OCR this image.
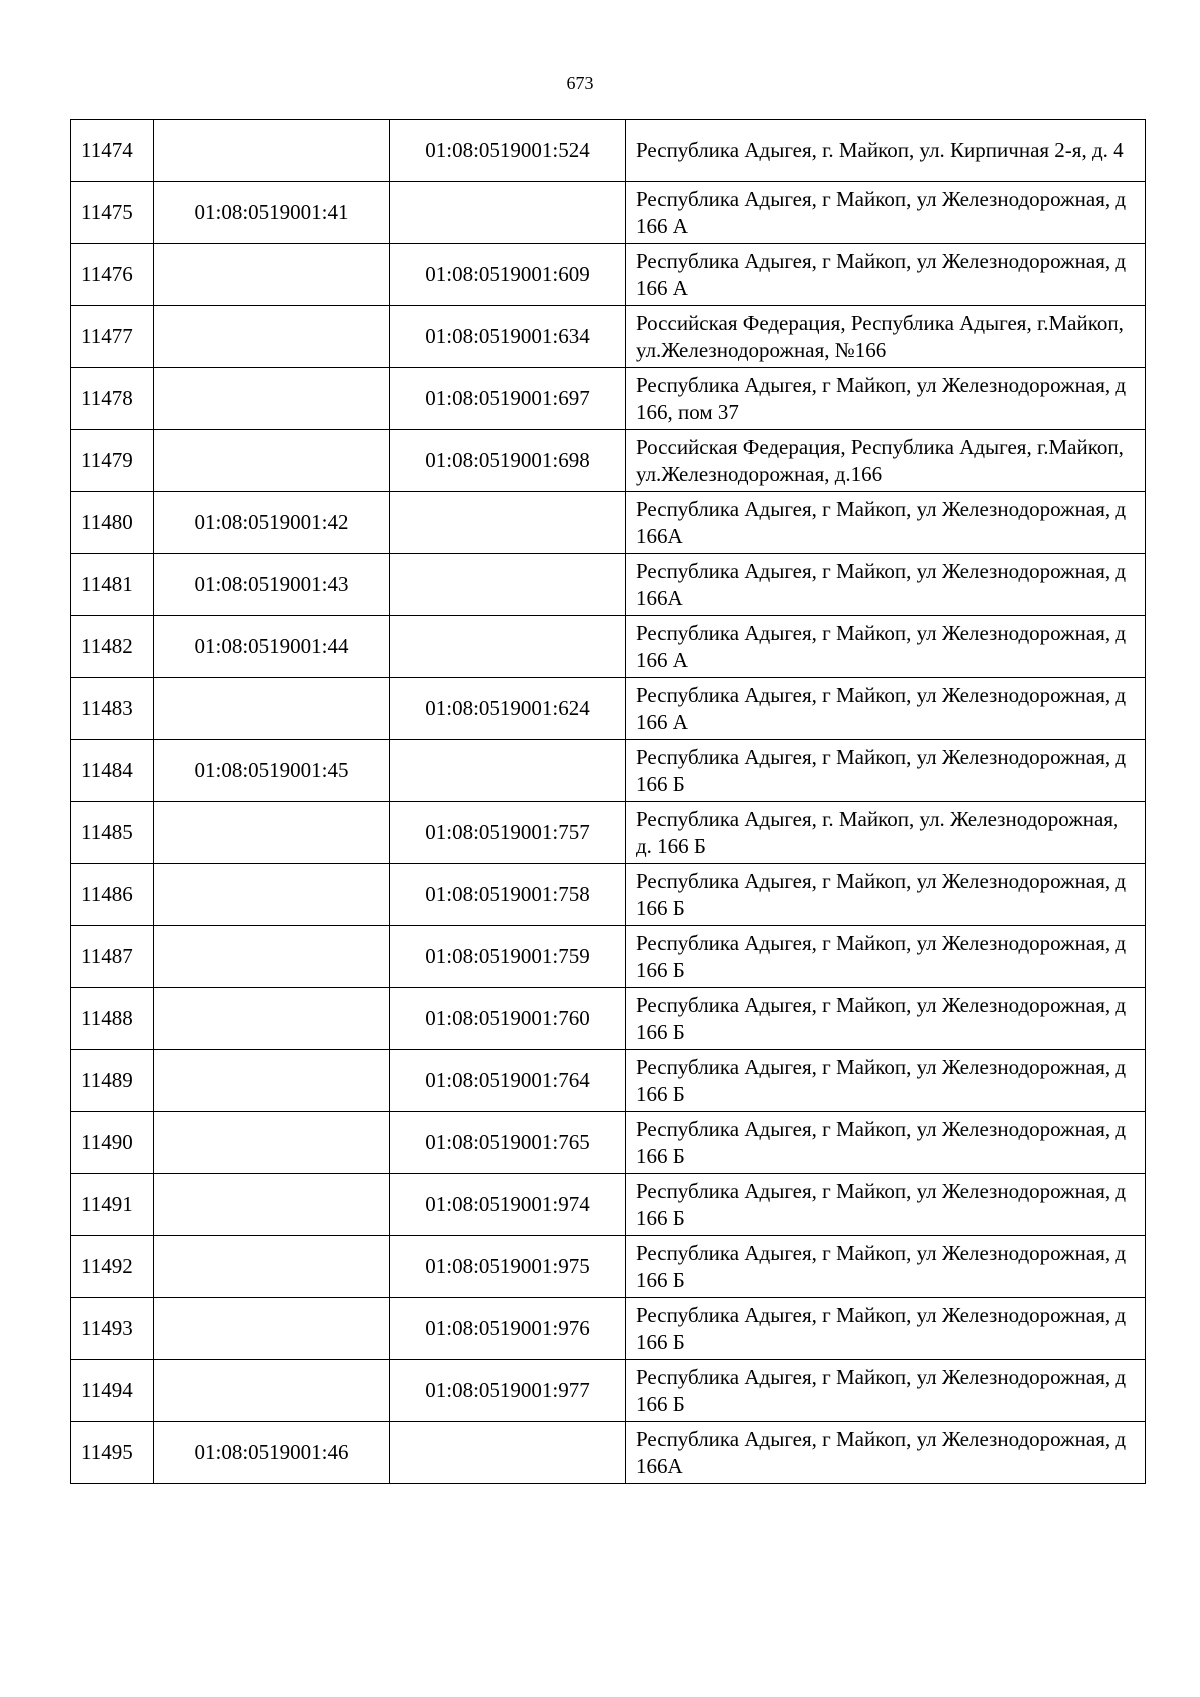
673
11474		01:08:0519001:524	Республика Адыгея, г. Майкоп, ул. Кирпичная 2-я, д. 4
11475	01:08:0519001:41		Республика Адыгея, г Майкоп, ул Железнодорожная, д 166 А
11476		01:08:0519001:609	Республика Адыгея, г Майкоп, ул Железнодорожная, д 166 А
11477		01:08:0519001:634	Российская Федерация, Республика Адыгея, г.Майкоп, ул.Железнодорожная, №166
11478		01:08:0519001:697	Республика Адыгея, г Майкоп, ул Железнодорожная, д 166, пом 37
11479		01:08:0519001:698	Российская Федерация, Республика Адыгея, г.Майкоп, ул.Железнодорожная, д.166
11480	01:08:0519001:42		Республика Адыгея, г Майкоп, ул Железнодорожная, д 166А
11481	01:08:0519001:43		Республика Адыгея, г Майкоп, ул Железнодорожная, д 166А
11482	01:08:0519001:44		Республика Адыгея, г Майкоп, ул Железнодорожная, д 166 А
11483		01:08:0519001:624	Республика Адыгея, г Майкоп, ул Железнодорожная, д 166 А
11484	01:08:0519001:45		Республика Адыгея, г Майкоп, ул Железнодорожная, д 166 Б
11485		01:08:0519001:757	Республика Адыгея, г. Майкоп, ул. Железнодорожная, д. 166 Б
11486		01:08:0519001:758	Республика Адыгея, г Майкоп, ул Железнодорожная, д 166 Б
11487		01:08:0519001:759	Республика Адыгея, г Майкоп, ул Железнодорожная, д 166 Б
11488		01:08:0519001:760	Республика Адыгея, г Майкоп, ул Железнодорожная, д 166 Б
11489		01:08:0519001:764	Республика Адыгея, г Майкоп, ул Железнодорожная, д 166 Б
11490		01:08:0519001:765	Республика Адыгея, г Майкоп, ул Железнодорожная, д 166 Б
11491		01:08:0519001:974	Республика Адыгея, г Майкоп, ул Железнодорожная, д 166 Б
11492		01:08:0519001:975	Республика Адыгея, г Майкоп, ул Железнодорожная, д 166 Б
11493		01:08:0519001:976	Республика Адыгея, г Майкоп, ул Железнодорожная, д 166 Б
11494		01:08:0519001:977	Республика Адыгея, г Майкоп, ул Железнодорожная, д 166 Б
11495	01:08:0519001:46		Республика Адыгея, г Майкоп, ул Железнодорожная, д 166А
